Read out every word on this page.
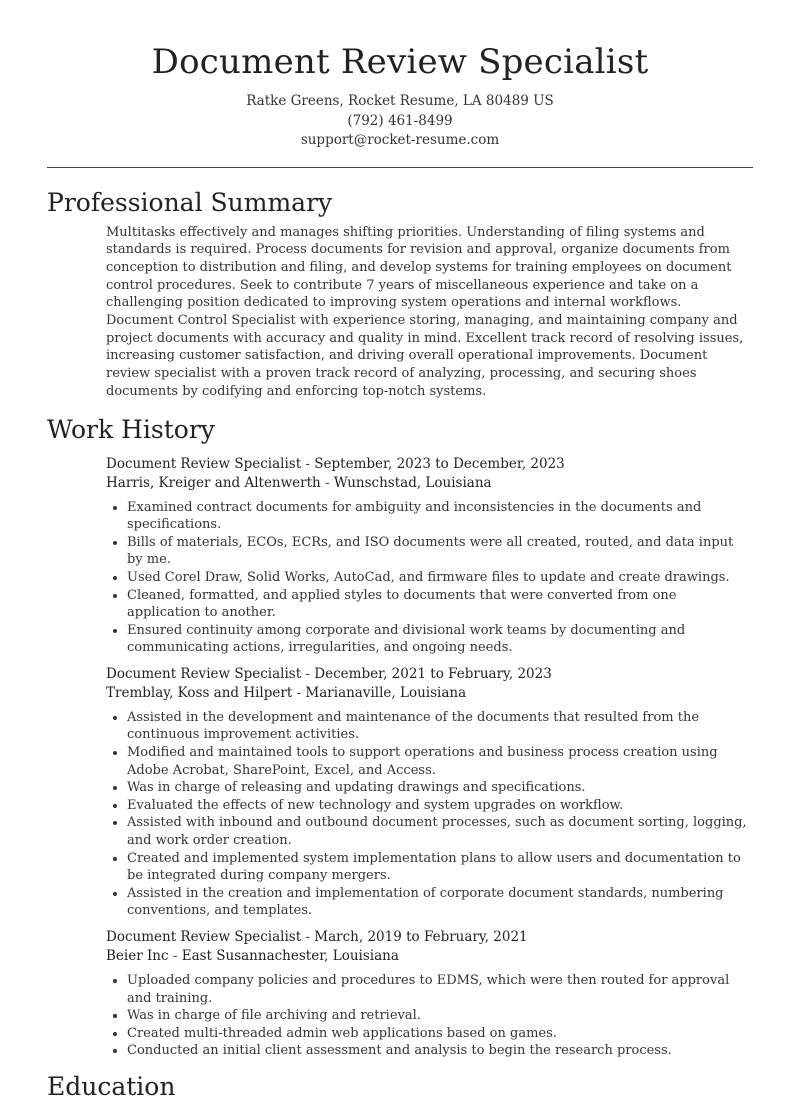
Document Review Specialist
Ratke Greens, Rocket Resume, LA 80489 US
(792) 461-8499
support@rocket-resume.com
Professional Summary

Multitasks effectively and manages shifting priorities. Understanding of filing systems and standards is required. Process documents for revision and approval, organize documents from conception to distribution and filing, and develop systems for training employees on document control procedures. Seek to contribute 7 years of miscellaneous experience and take on a challenging position dedicated to improving system operations and internal workflows. Document Control Specialist with experience storing, managing, and maintaining company and project documents with accuracy and quality in mind. Excellent track record of resolving issues, increasing customer satisfaction, and driving overall operational improvements. Document review specialist with a proven track record of analyzing, processing, and securing shoes documents by codifying and enforcing top-notch systems.

Work History
Document Review Specialist - September, 2023 to December, 2023
Harris, Kreiger and Altenwerth - Wunschstad, Louisiana
• Examined contract documents for ambiguity and inconsistencies in the documents and specifications.
• Bills of materials, ECOs, ECRs, and ISO documents were all created, routed, and data input by me.
• Used Corel Draw, Solid Works, AutoCad, and firmware files to update and create drawings.
• Cleaned, formatted, and applied styles to documents that were converted from one application to another.
• Ensured continuity among corporate and divisional work teams by documenting and communicating actions, irregularities, and ongoing needs.
Document Review Specialist - December, 2021 to February, 2023
Tremblay, Koss and Hilpert - Marianaville, Louisiana
• Assisted in the development and maintenance of the documents that resulted from the continuous improvement activities.
• Modified and maintained tools to support operations and business process creation using Adobe Acrobat, SharePoint, Excel, and Access.
• Was in charge of releasing and updating drawings and specifications.
• Evaluated the effects of new technology and system upgrades on workflow.
• Assisted with inbound and outbound document processes, such as document sorting, logging, and work order creation.
• Created and implemented system implementation plans to allow users and documentation to be integrated during company mergers.
• Assisted in the creation and implementation of corporate document standards, numbering conventions, and templates.
Document Review Specialist - March, 2019 to February, 2021
Beier Inc - East Susannachester, Louisiana
• Uploaded company policies and procedures to EDMS, which were then routed for approval and training.
• Was in charge of file archiving and retrieval.
• Created multi-threaded admin web applications based on games.
• Conducted an initial client assessment and analysis to begin the research process.
Education
